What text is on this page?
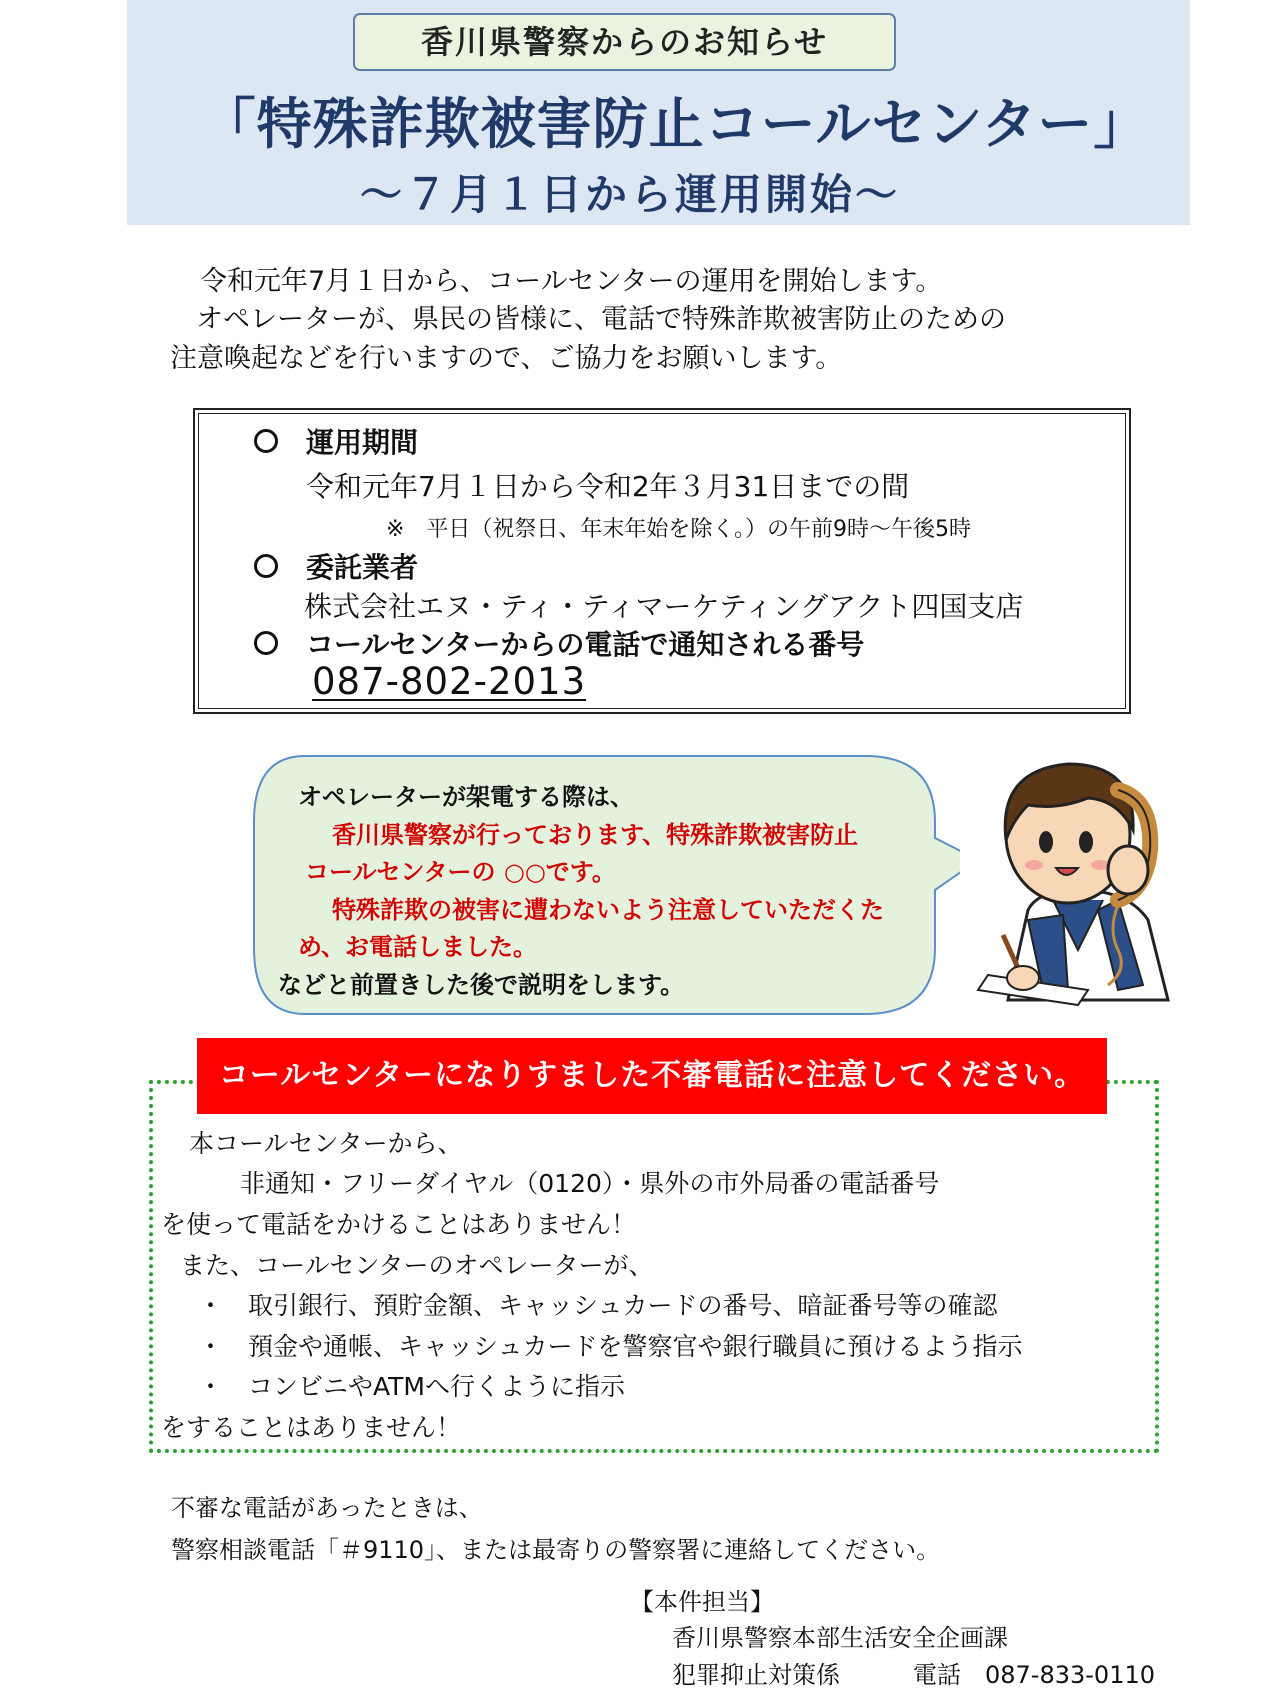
香川県警察からのお知らせ
「特殊詐欺被害防止コールセンター」
～７月１日から運用開始～
令和元年7月１日から、コールセンターの運用を開始します。
オペレーターが、県民の皆様に、電話で特殊詐欺被害防止のための
注意喚起などを行いますので、ご協力をお願いします。
運用期間
令和元年7月１日から令和2年３月31日までの間
※　平日（祝祭日、年末年始を除く。）の午前9時～午後5時
委託業者
株式会社エヌ・ティ・ティマーケティングアクト四国支店
コールセンターからの電話で通知される番号
087-802-2013
オペレーターが架電する際は、
香川県警察が行っております、特殊詐欺被害防止
コールセンターの ○○です。
特殊詐欺の被害に遭わないよう注意していただくた
め、お電話しました。
などと前置きした後で説明をします。
コールセンターになりすました不審電話に注意してください。
本コールセンターから、
非通知・フリーダイヤル（0120）・県外の市外局番の電話番号
を使って電話をかけることはありません！
また、コールセンターのオペレーターが、
・　取引銀行、預貯金額、キャッシュカードの番号、暗証番号等の確認
・　預金や通帳、キャッシュカードを警察官や銀行職員に預けるよう指示
・　コンビニやATMへ行くように指示
をすることはありません！
不審な電話があったときは、
警察相談電話「＃9110」、または最寄りの警察署に連絡してください。
【本件担当】
香川県警察本部生活安全企画課
犯罪抑止対策係	電話　087-833-0110
